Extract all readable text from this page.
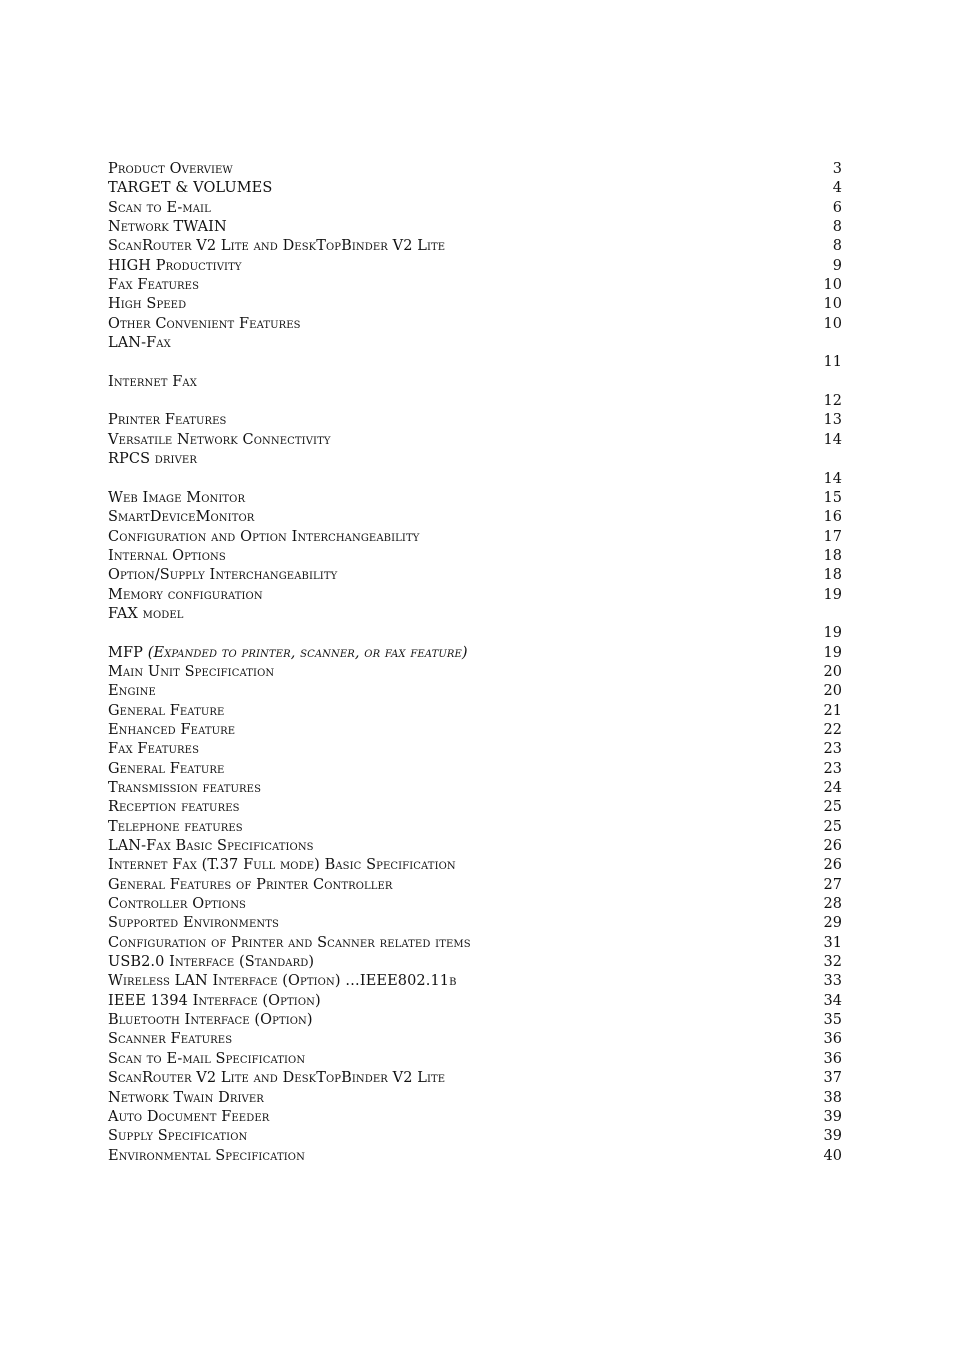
Product Overview	3
TARGET & VOLUMES	4
Scan to E-mail	6
Network TWAIN	8
ScanRouter V2 Lite and DeskTopBinder V2 Lite	8
HIGH Productivity	9
Fax Features	10
High Speed	10
Other Convenient Features	10
LAN-Fax
11
Internet Fax
12
Printer Features	13
Versatile Network Connectivity	14
RPCS driver
14
Web Image Monitor	15
SmartDeviceMonitor	16
Configuration and Option Interchangeability	17
Internal Options	18
Option/Supply Interchangeability	18
Memory configuration	19
FAX model
19
MFP (Expanded to printer, scanner, or fax feature)	19
Main Unit Specification	20
Engine	20
General Feature	21
Enhanced Feature	22
Fax Features	23
General Feature	23
Transmission features	24
Reception features	25
Telephone features	25
LAN-Fax Basic Specifications	26
Internet Fax (T.37 Full mode) Basic Specification	26
General Features of Printer Controller	27
Controller Options	28
Supported Environments	29
Configuration of Printer and Scanner related items	31
USB2.0 Interface (Standard)	32
Wireless LAN Interface (Option) …IEEE802.11b	33
IEEE 1394 Interface (Option)	34
Bluetooth Interface (Option)	35
Scanner Features	36
Scan to E-mail Specification	36
ScanRouter V2 Lite and DeskTopBinder V2 Lite	37
Network Twain Driver	38
Auto Document Feeder	39
Supply Specification	39
Environmental Specification	40
